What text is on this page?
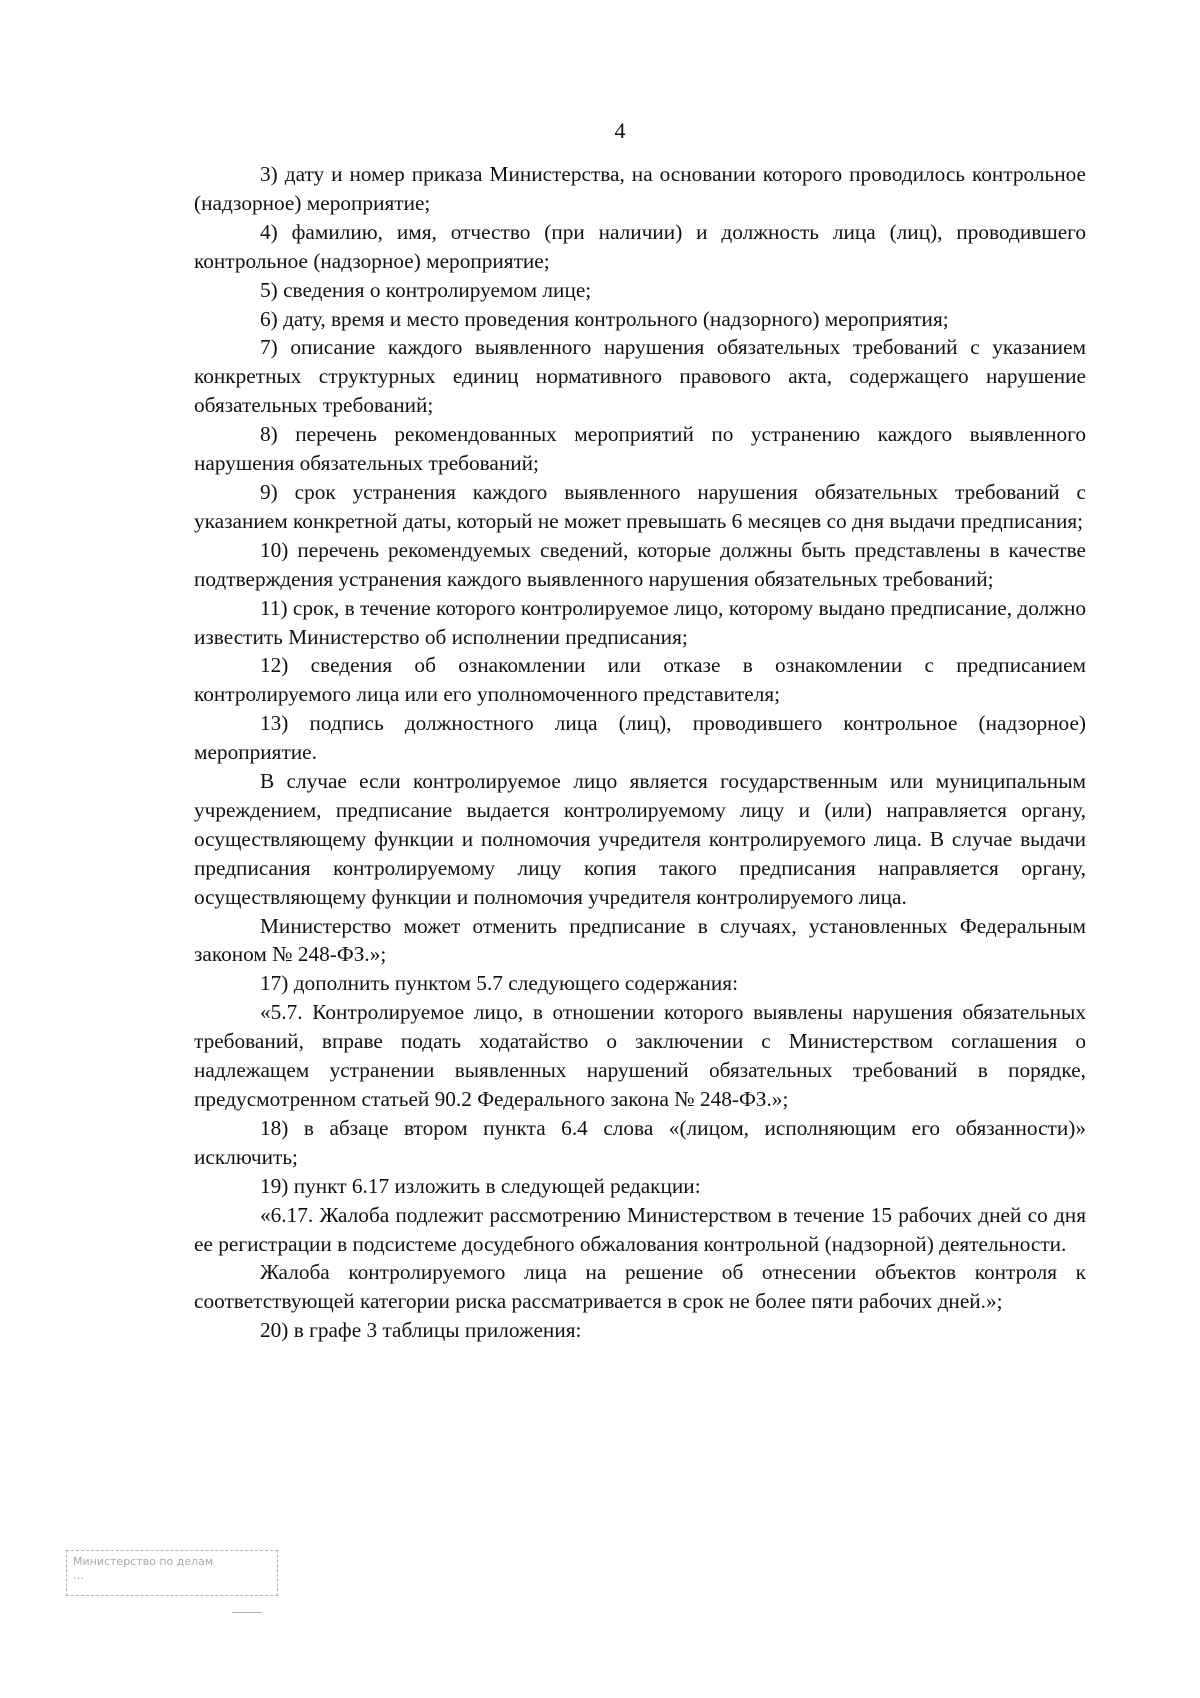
4

3) дату и номер приказа Министерства, на основании которого проводилось контрольное (надзорное) мероприятие;

4) фамилию, имя, отчество (при наличии) и должность лица (лиц), проводившего контрольное (надзорное) мероприятие;

5) сведения о контролируемом лице;

6) дату, время и место проведения контрольного (надзорного) мероприятия;

7) описание каждого выявленного нарушения обязательных требований с указанием конкретных структурных единиц нормативного правового акта, содержащего нарушение обязательных требований;

8) перечень рекомендованных мероприятий по устранению каждого выявленного нарушения обязательных требований;

9) срок устранения каждого выявленного нарушения обязательных требований с указанием конкретной даты, который не может превышать 6 месяцев со дня выдачи предписания;

10) перечень рекомендуемых сведений, которые должны быть представлены в качестве подтверждения устранения каждого выявленного нарушения обязательных требований;

11) срок, в течение которого контролируемое лицо, которому выдано предписание, должно известить Министерство об исполнении предписания;

12) сведения об ознакомлении или отказе в ознакомлении с предписанием контролируемого лица или его уполномоченного представителя;

13) подпись должностного лица (лиц), проводившего контрольное (надзорное) мероприятие.

В случае если контролируемое лицо является государственным или муниципальным учреждением, предписание выдается контролируемому лицу и (или) направляется органу, осуществляющему функции и полномочия учредителя контролируемого лица. В случае выдачи предписания контролируемому лицу копия такого предписания направляется органу, осуществляющему функции и полномочия учредителя контролируемого лица.

Министерство может отменить предписание в случаях, установленных Федеральным законом № 248-ФЗ.»;

17) дополнить пунктом 5.7 следующего содержания:

«5.7. Контролируемое лицо, в отношении которого выявлены нарушения обязательных требований, вправе подать ходатайство о заключении с Министерством соглашения о надлежащем устранении выявленных нарушений обязательных требований в порядке, предусмотренном статьей 90.2 Федерального закона № 248-ФЗ.»;

18) в абзаце втором пункта 6.4 слова «(лицом, исполняющим его обязанности)» исключить;

19) пункт 6.17 изложить в следующей редакции:

«6.17. Жалоба подлежит рассмотрению Министерством в течение 15 рабочих дней со дня ее регистрации в подсистеме досудебного обжалования контрольной (надзорной) деятельности.

Жалоба контролируемого лица на решение об отнесении объектов контроля к соответствующей категории риска рассматривается в срок не более пяти рабочих дней.»;

20) в графе 3 таблицы приложения:

Министерство по делам
…
